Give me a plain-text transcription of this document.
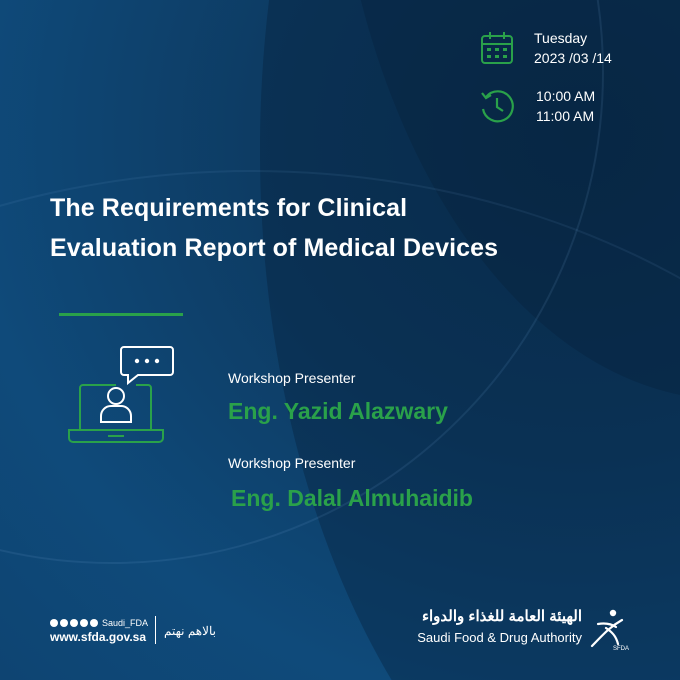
Tuesday
2023 /03 /14
10:00 AM
11:00 AM
The Requirements for Clinical
Evaluation Report of Medical Devices
Workshop Presenter
Eng. Yazid Alazwary
Workshop Presenter
Eng. Dalal Almuhaidib
Saudi_FDA
www.sfda.gov.sa بالاهم نهتم
الهيئة العامة للغذاء والدواء
Saudi Food & Drug Authority
SFDA
